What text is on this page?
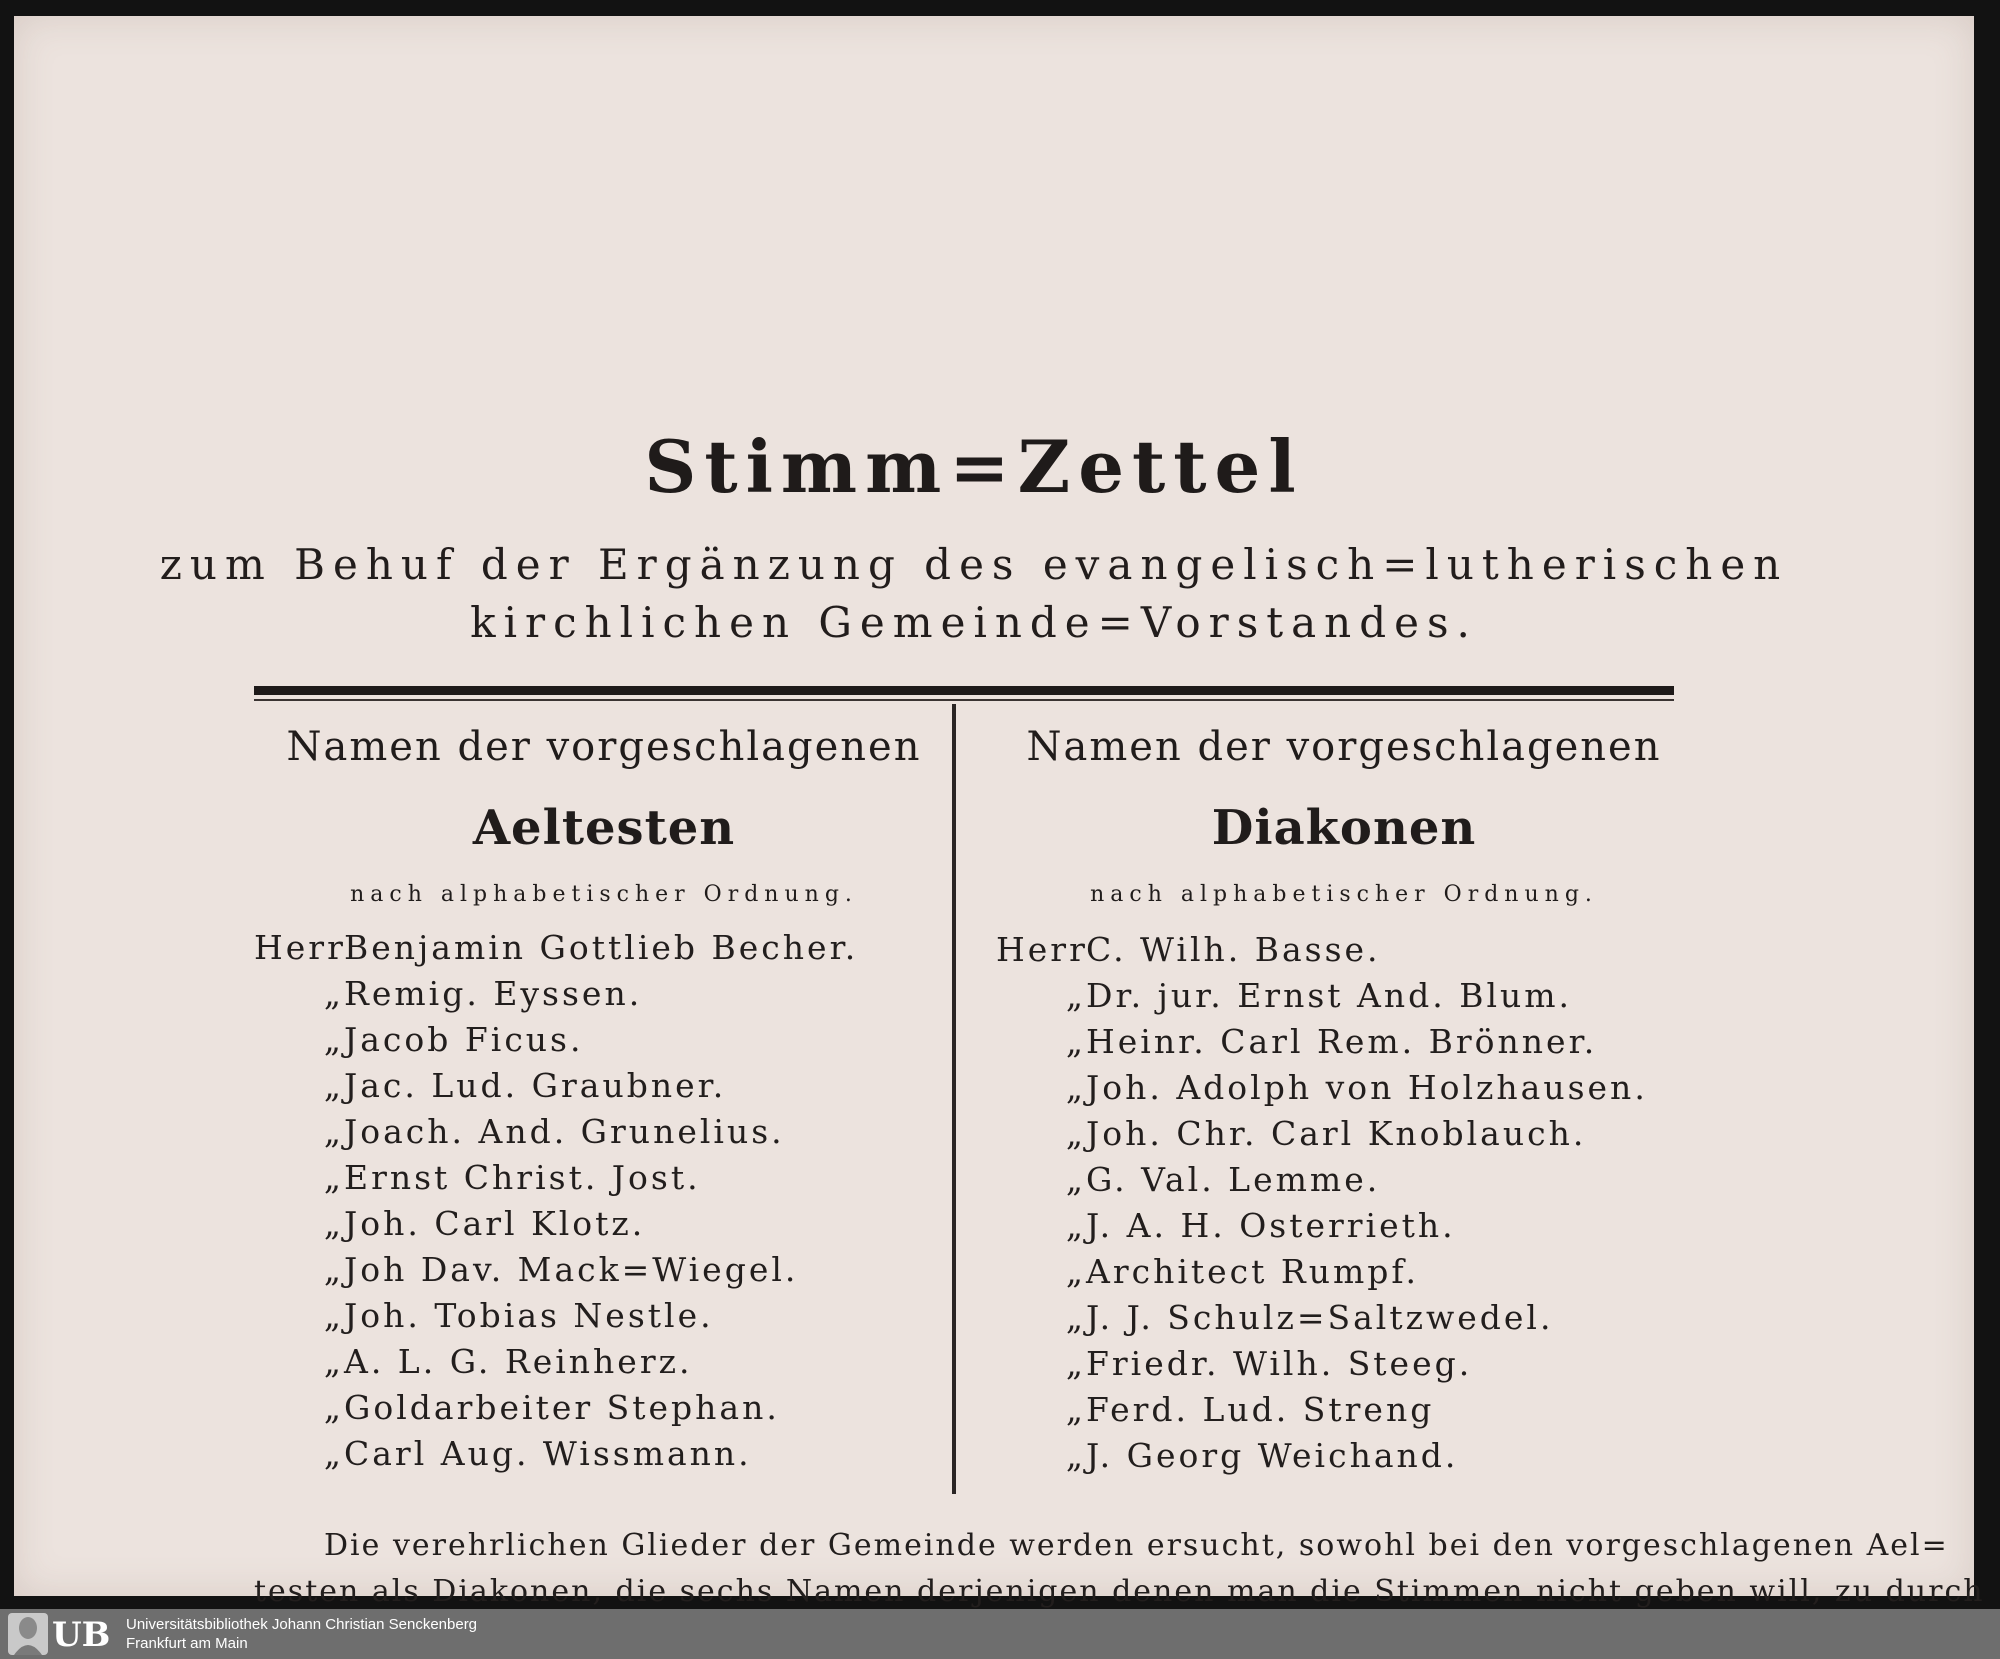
Stimm=Zettel
zum Behuf der Ergänzung des evangelisch=lutherischen
kirchlichen Gemeinde=Vorstandes.
Namen der vorgeschlagenen
Aeltesten
nach alphabetischer Ordnung.
Namen der vorgeschlagenen
Diakonen
nach alphabetischer Ordnung.
HerrBenjamin Gottlieb Becher.
„Remig. Eyssen.
„Jacob Ficus.
„Jac. Lud. Graubner.
„Joach. And. Grunelius.
„Ernst Christ. Jost.
„Joh. Carl Klotz.
„Joh Dav. Mack=Wiegel.
„Joh. Tobias Nestle.
„A. L. G. Reinherz.
„Goldarbeiter Stephan.
„Carl Aug. Wissmann.
HerrC. Wilh. Basse.
„Dr. jur. Ernst And. Blum.
„Heinr. Carl Rem. Brönner.
„Joh. Adolph von Holzhausen.
„Joh. Chr. Carl Knoblauch.
„G. Val. Lemme.
„J. A. H. Osterrieth.
„Architect Rumpf.
„J. J. Schulz=Saltzwedel.
„Friedr. Wilh. Steeg.
„Ferd. Lud. Streng
„J. Georg Weichand.
Die verehrlichen Glieder der Gemeinde werden ersucht, sowohl bei den vorgeschlagenen Ael=
testen als Diakonen, die sechs Namen derjenigen denen man die Stimmen nicht geben will, zu durch
UB Universitätsbibliothek Johann Christian Senckenberg
Frankfurt am Main
